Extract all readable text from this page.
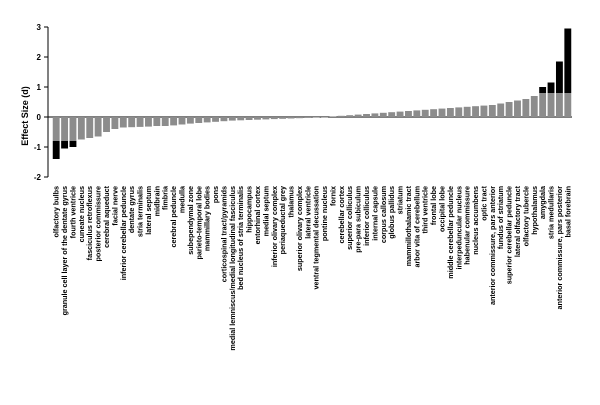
-2
-1
0
1
2
3
olfactory bulbs granule cell layer of the dentate gyrus fourth ventricle cuneate nucleus fasciculus retroflexus posterior commissure cerebral aqueduct facial nerve inferior cerebellar peduncle dentate gyrus stria terminalis lateral septum midbrain fimbria cerebral peduncle medulla subependymal zone parieto-temporal lobe mammillary bodies pons corticospinal tract/pyramids medial lemniscus/medial longitudinal fasciculus bed nucleus of stria terminalis hippocampus entorhinal cortex medial septum inferior olivary complex periaqueductal grey thalamus superior olivary complex lateral ventricle ventral tegmental decussation pontine nucleus fornix cerebellar cortex superior colliculus pre-para subiculum inferior colliculus internal capsule corpus callosum globus pallidus striatum mammillothalamic tract arbor vita of cerebellum third ventricle frontal lobe occipital lobe middle cerebellar peduncle interpeduncular nucleus habenular commissure nucleus accumbens optic tract anterior commissure, pars anterior fundus of striatum superior cerebellar peduncle lateral olfactory tract olfactory tubercle hypothalamus amygdala stria medullaris anterior commissure, pars posterior basal forebrain
Effect Size (d)
